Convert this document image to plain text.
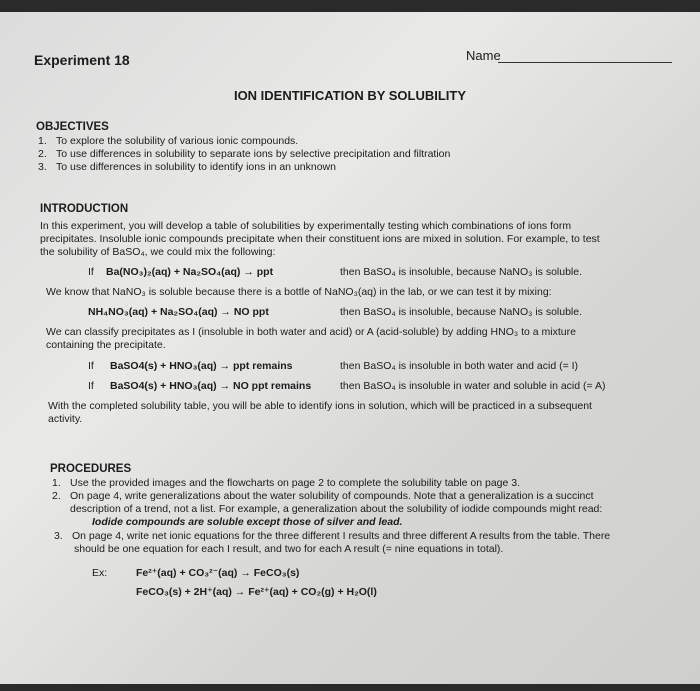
Experiment 18	Name
ION IDENTIFICATION BY SOLUBILITY
OBJECTIVES
1. To explore the solubility of various ionic compounds.
2. To use differences in solubility to separate ions by selective precipitation and filtration
3. To use differences in solubility to identify ions in an unknown
INTRODUCTION
In this experiment, you will develop a table of solubilities by experimentally testing which combinations of ions form
precipitates. Insoluble ionic compounds precipitate when their constituent ions are mixed in solution. For example, to test
the solubility of BaSO₄, we could mix the following:
If Ba(NO₃)₂(aq) + Na₂SO₄(aq) → ppt	then BaSO₄ is insoluble, because NaNO₃ is soluble.
We know that NaNO₃ is soluble because there is a bottle of NaNO₃(aq) in the lab, or we can test it by mixing:
NH₄NO₃(aq) + Na₂SO₄(aq) → NO ppt	then BaSO₄ is insoluble, because NaNO₃ is soluble.
We can classify precipitates as I (insoluble in both water and acid) or A (acid-soluble) by adding HNO₃ to a mixture
containing the precipitate.
If BaSO4(s) + HNO₃(aq) → ppt remains	then BaSO₄ is insoluble in both water and acid (= I)
If BaSO4(s) + HNO₃(aq) → NO ppt remains	then BaSO₄ is insoluble in water and soluble in acid (= A)
With the completed solubility table, you will be able to identify ions in solution, which will be practiced in a subsequent
activity.
PROCEDURES
1. Use the provided images and the flowcharts on page 2 to complete the solubility table on page 3.
2. On page 4, write generalizations about the water solubility of compounds. Note that a generalization is a succinct
description of a trend, not a list. For example, a generalization about the solubility of iodide compounds might read:
Iodide compounds are soluble except those of silver and lead.
3. On page 4, write net ionic equations for the three different I results and three different A results from the table. There
should be one equation for each I result, and two for each A result (= nine equations in total).
Ex:	Fe²⁺(aq) + CO₃²⁻(aq) → FeCO₃(s)
FeCO₃(s) + 2H⁺(aq) → Fe²⁺(aq) + CO₂(g) + H₂O(l)
